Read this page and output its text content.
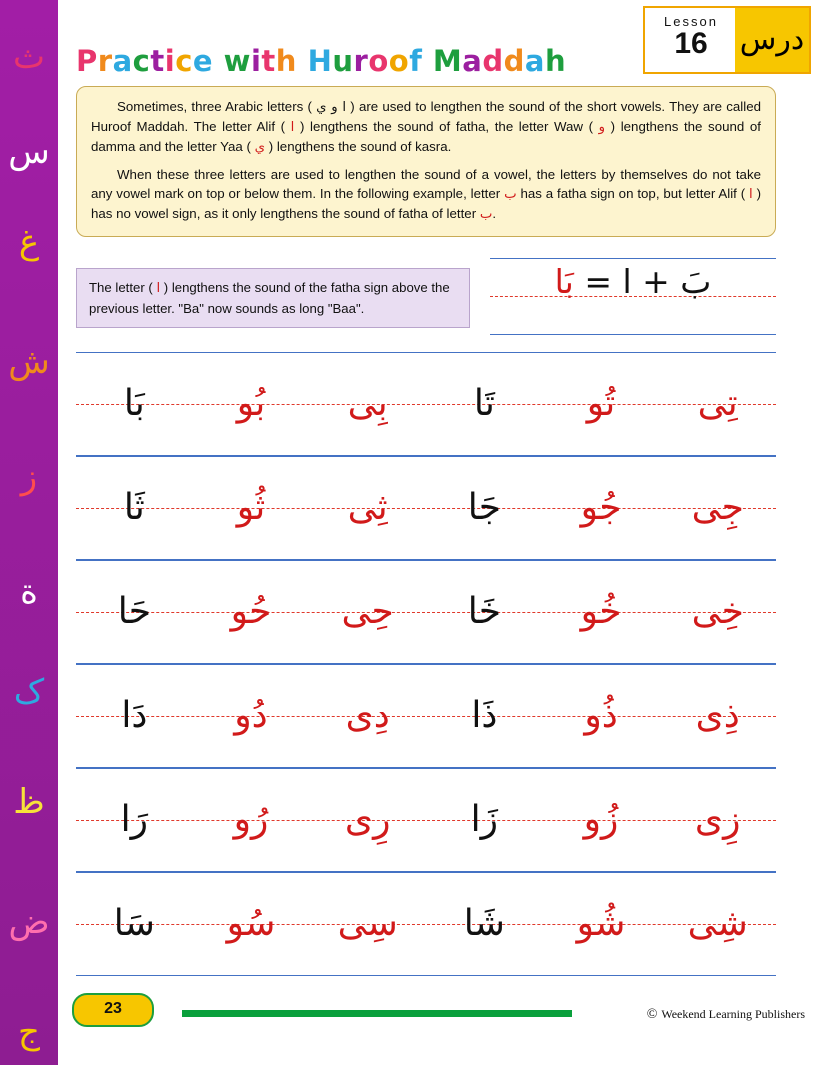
ث
س
غ
ش
ز
ة
ک
ظ
ض
ج
Lesson
16	درس
Practice with Huroof Maddah

Sometimes, three Arabic letters ( ا و ي ) are used to lengthen the sound of the short vowels. They are called Huroof Maddah. The letter Alif ( ا ) lengthens the sound of fatha, the letter Waw ( و ) lengthens the sound of damma and the letter Yaa ( ي ) lengthens the sound of kasra.

When these three letters are used to lengthen the sound of a vowel, the letters by themselves do not take any vowel mark on top or below them. In the following example, letter ب has a fatha sign on top, but letter Alif ( ا ) has no vowel sign, as it only lengthens the sound of fatha of letter ب.

The letter ( ا ) lengthens the sound of the fatha sign above the previous letter. "Ba" now sounds as long "Baa".

بَ + ا = بَا
بَا	بُو	بِی	تَا	تُو	تِی
ثَا	ثُو	ثِی	جَا	جُو	جِی
حَا	حُو	حِی	خَا	خُو	خِی
دَا	دُو	دِی	ذَا	ذُو	ذِی
رَا	رُو	رِی	زَا	زُو	زِی
سَا	سُو	سِی	شَا	شُو	شِی
23	© Weekend Learning Publishers
